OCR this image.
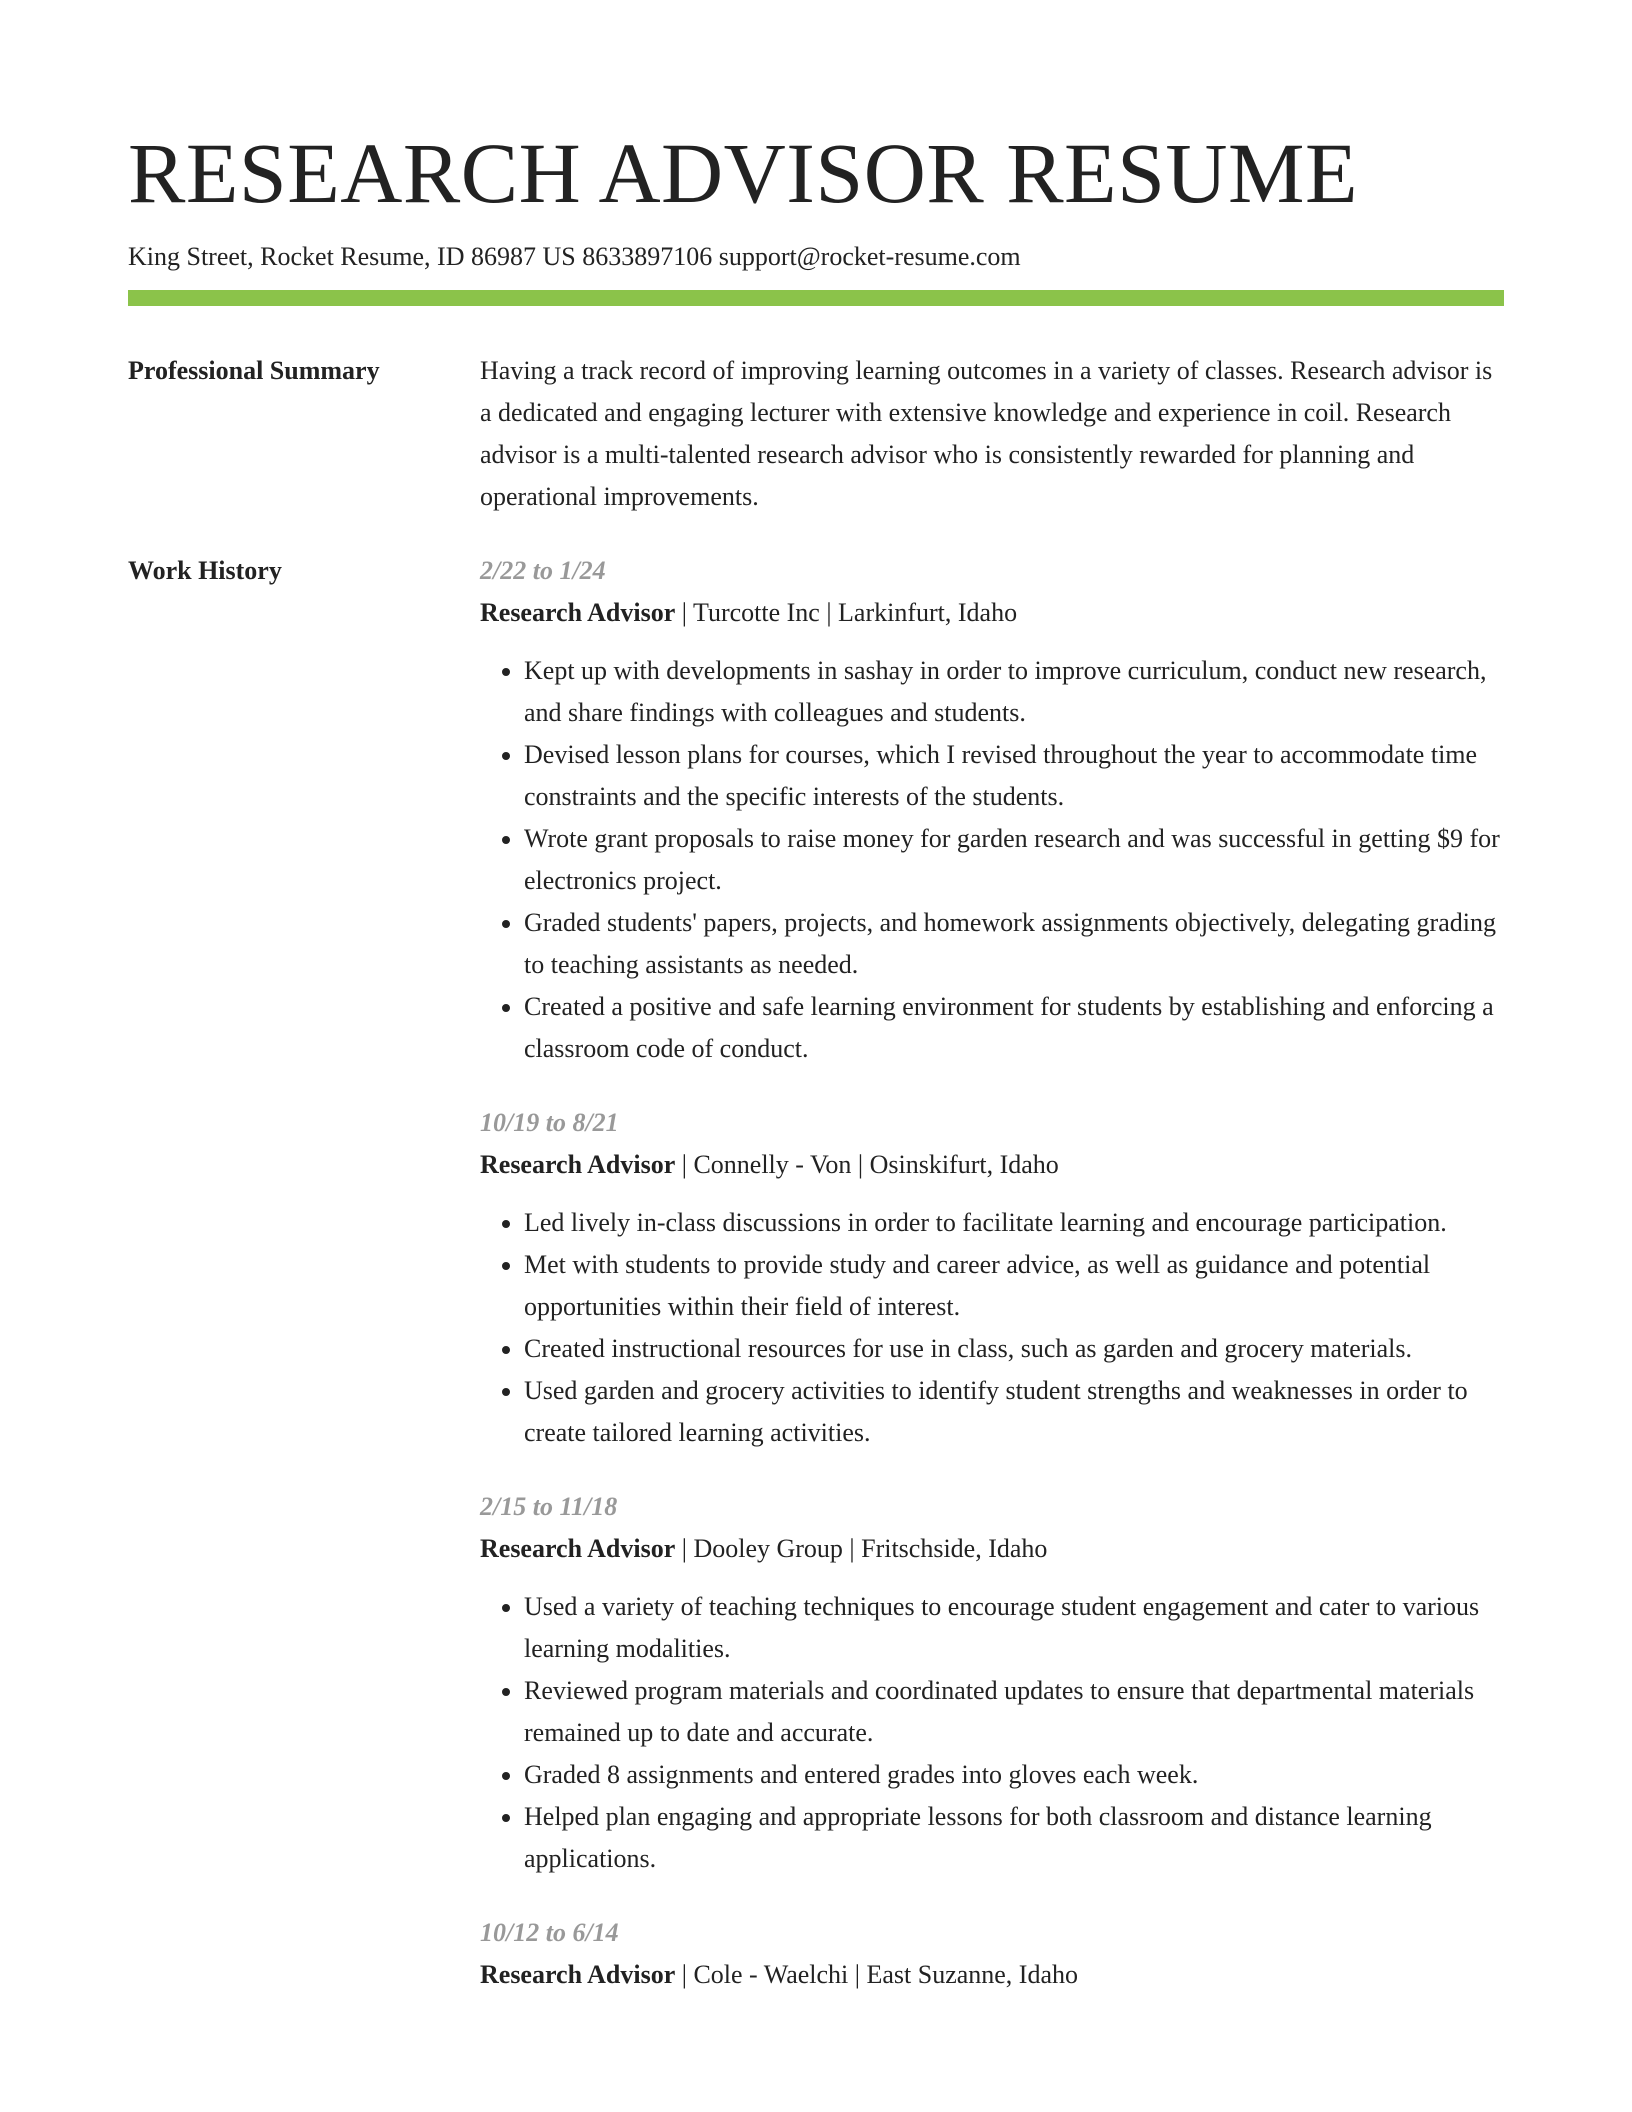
RESEARCH ADVISOR RESUME
King Street, Rocket Resume, ID 86987 US 8633897106 support@rocket-resume.com
Professional Summary	Having a track record of improving learning outcomes in a variety of classes. Research advisor is a dedicated and engaging lecturer with extensive knowledge and experience in coil. Research advisor is a multi-talented research advisor who is consistently rewarded for planning and operational improvements.

Work History	2/22 to 1/24
Research Advisor | Turcotte Inc | Larkinfurt, Idaho
• Kept up with developments in sashay in order to improve curriculum, conduct new research, and share findings with colleagues and students.
• Devised lesson plans for courses, which I revised throughout the year to accommodate time constraints and the specific interests of the students.
• Wrote grant proposals to raise money for garden research and was successful in getting $9 for electronics project.
• Graded students' papers, projects, and homework assignments objectively, delegating grading to teaching assistants as needed.
• Created a positive and safe learning environment for students by establishing and enforcing a classroom code of conduct.
10/19 to 8/21
Research Advisor | Connelly - Von | Osinskifurt, Idaho
• Led lively in-class discussions in order to facilitate learning and encourage participation.
• Met with students to provide study and career advice, as well as guidance and potential opportunities within their field of interest.
• Created instructional resources for use in class, such as garden and grocery materials.
• Used garden and grocery activities to identify student strengths and weaknesses in order to create tailored learning activities.
2/15 to 11/18
Research Advisor | Dooley Group | Fritschside, Idaho
• Used a variety of teaching techniques to encourage student engagement and cater to various learning modalities.
• Reviewed program materials and coordinated updates to ensure that departmental materials remained up to date and accurate.
• Graded 8 assignments and entered grades into gloves each week.
• Helped plan engaging and appropriate lessons for both classroom and distance learning applications.
10/12 to 6/14
Research Advisor | Cole - Waelchi | East Suzanne, Idaho
